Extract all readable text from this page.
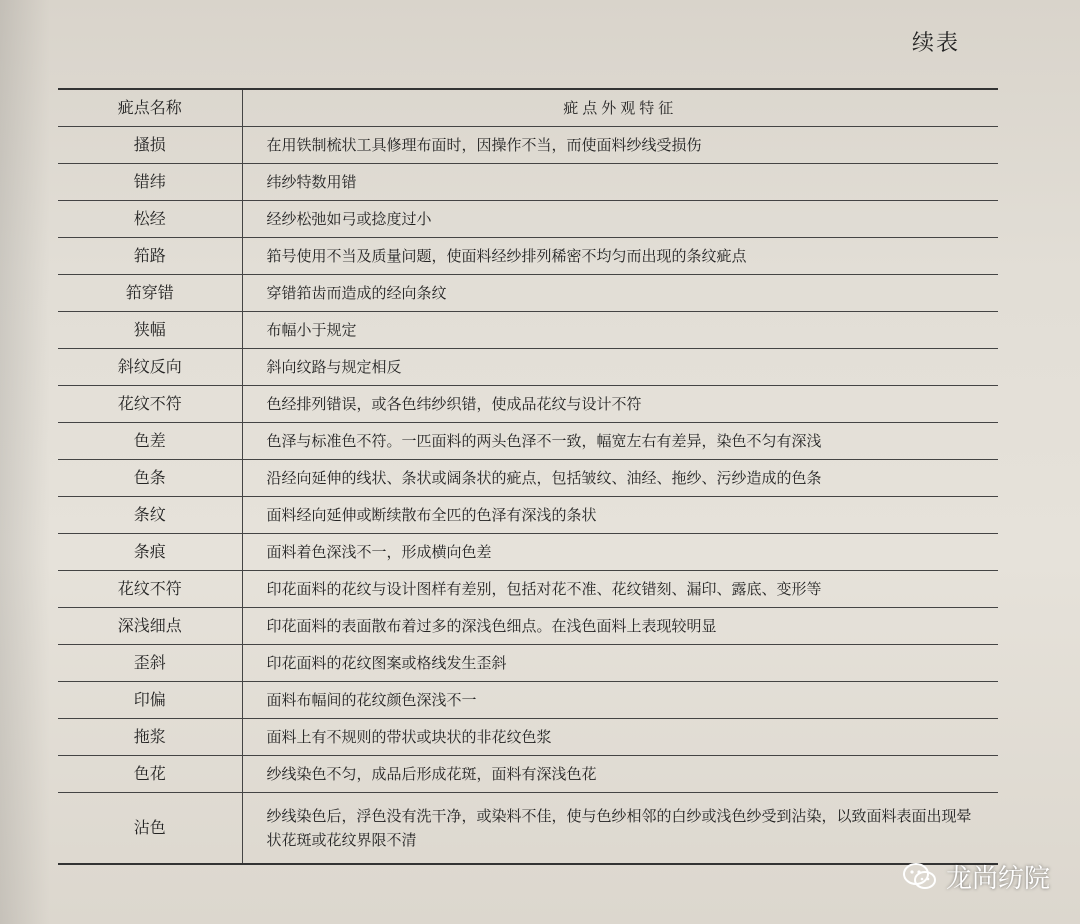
续表
疵点名称	疵点外观特征
搔损	在用铁制梳状工具修理布面时，因操作不当，而使面料纱线受损伤
错纬	纬纱特数用错
松经	经纱松弛如弓或捻度过小
筘路	筘号使用不当及质量问题，使面料经纱排列稀密不均匀而出现的条纹疵点
筘穿错	穿错筘齿而造成的经向条纹
狭幅	布幅小于规定
斜纹反向	斜向纹路与规定相反
花纹不符	色经排列错误，或各色纬纱织错，使成品花纹与设计不符
色差	色泽与标准色不符。一匹面料的两头色泽不一致，幅宽左右有差异，染色不匀有深浅
色条	沿经向延伸的线状、条状或阔条状的疵点，包括皱纹、油经、拖纱、污纱造成的色条
条纹	面料经向延伸或断续散布全匹的色泽有深浅的条状
条痕	面料着色深浅不一，形成横向色差
花纹不符	印花面料的花纹与设计图样有差别，包括对花不准、花纹错刻、漏印、露底、变形等
深浅细点	印花面料的表面散布着过多的深浅色细点。在浅色面料上表现较明显
歪斜	印花面料的花纹图案或格线发生歪斜
印偏	面料布幅间的花纹颜色深浅不一
拖浆	面料上有不规则的带状或块状的非花纹色浆
色花	纱线染色不匀，成品后形成花斑，面料有深浅色花
沾色	纱线染色后，浮色没有洗干净，或染料不佳，使与色纱相邻的白纱或浅色纱受到沾染，以致面料表面出现晕状花斑或花纹界限不清
龙尚纺院
